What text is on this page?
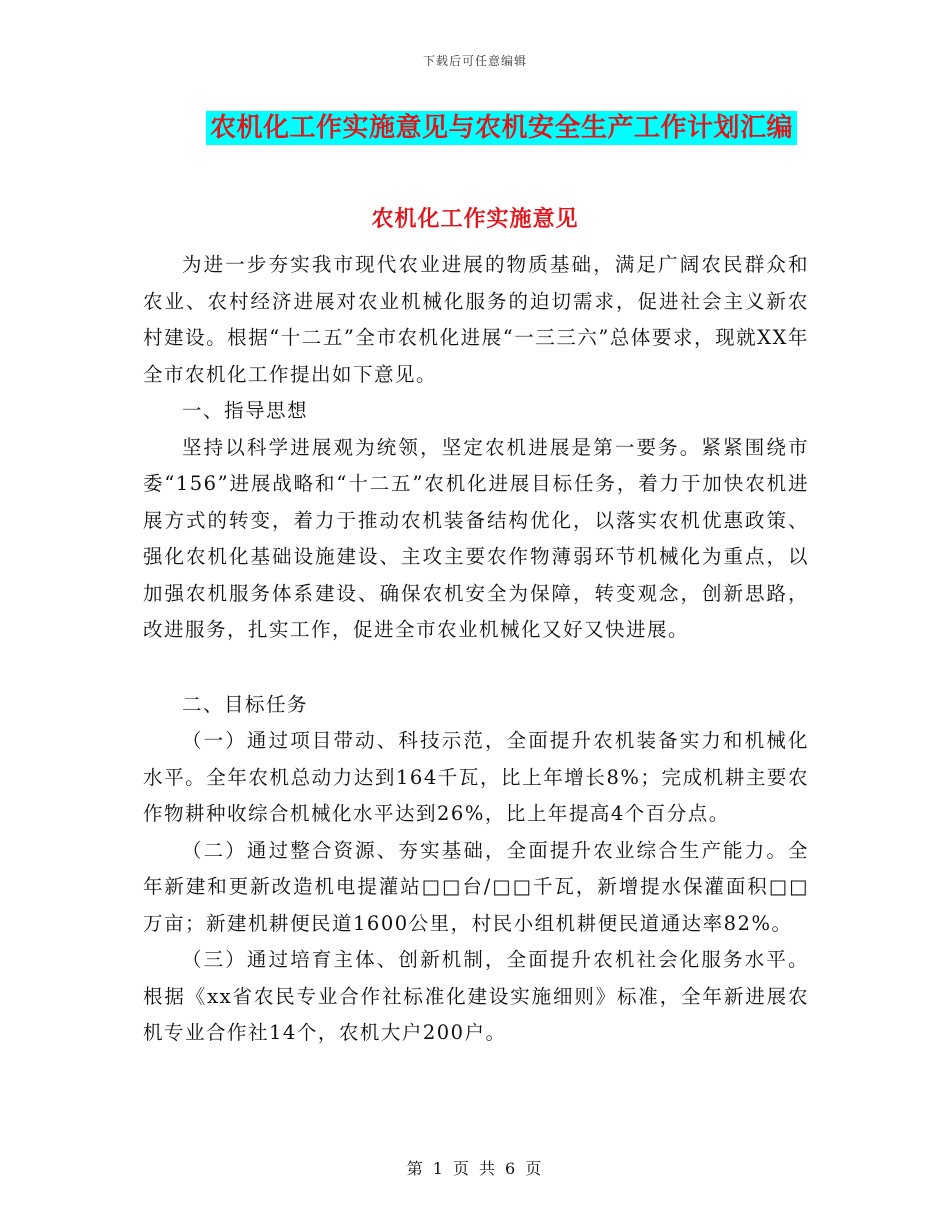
下载后可任意编辑
农机化工作实施意见与农机安全生产工作计划汇编
农机化工作实施意见

为进一步夯实我市现代农业进展的物质基础，满足广阔农民群众和农业、农村经济进展对农业机械化服务的迫切需求，促进社会主义新农村建设。根据“十二五”全市农机化进展“一三三六”总体要求，现就XX年全市农机化工作提出如下意见。

一、指导思想

坚持以科学进展观为统领，坚定农机进展是第一要务。紧紧围绕市委“156”进展战略和“十二五”农机化进展目标任务，着力于加快农机进展方式的转变，着力于推动农机装备结构优化，以落实农机优惠政策、强化农机化基础设施建设、主攻主要农作物薄弱环节机械化为重点，以加强农机服务体系建设、确保农机安全为保障，转变观念，创新思路，改进服务，扎实工作，促进全市农业机械化又好又快进展。

二、目标任务

（一）通过项目带动、科技示范，全面提升农机装备实力和机械化水平。全年农机总动力达到164千瓦，比上年增长8%；完成机耕主要农作物耕种收综合机械化水平达到26%，比上年提高4个百分点。

（二）通过整合资源、夯实基础，全面提升农业综合生产能力。全年新建和更新改造机电提灌站□□台/□□千瓦，新增提水保灌面积□□万亩；新建机耕便民道1600公里，村民小组机耕便民道通达率82%。

（三）通过培育主体、创新机制，全面提升农机社会化服务水平。根据《xx省农民专业合作社标准化建设实施细则》标准，全年新进展农机专业合作社14个，农机大户200户。

第 1 页 共 6 页
